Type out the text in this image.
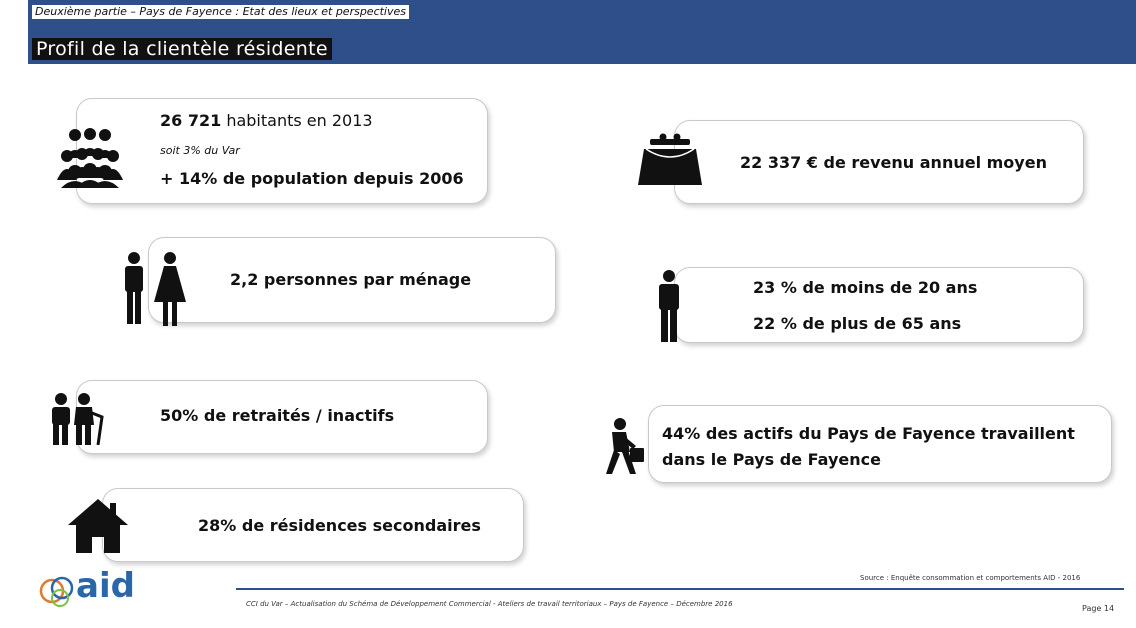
Deuxième partie – Pays de Fayence : Etat des lieux et perspectives
Profil de la clientèle résidente
26 721 habitants en 2013
soit 3% du Var
+ 14% de population depuis 2006
22 337 € de revenu annuel moyen
2,2 personnes par ménage	23 % de moins de 20 ans
22 % de plus de 65 ans
50% de retraités / inactifs
44% des actifs du Pays de Fayence travaillent
dans le Pays de Fayence
28% de résidences secondaires
aid	Source : Enquête consommation et comportements AID - 2016
CCI du Var – Actualisation du Schéma de Développement Commercial - Ateliers de travail territoriaux – Pays de Fayence – Décembre 2016	Page 14
